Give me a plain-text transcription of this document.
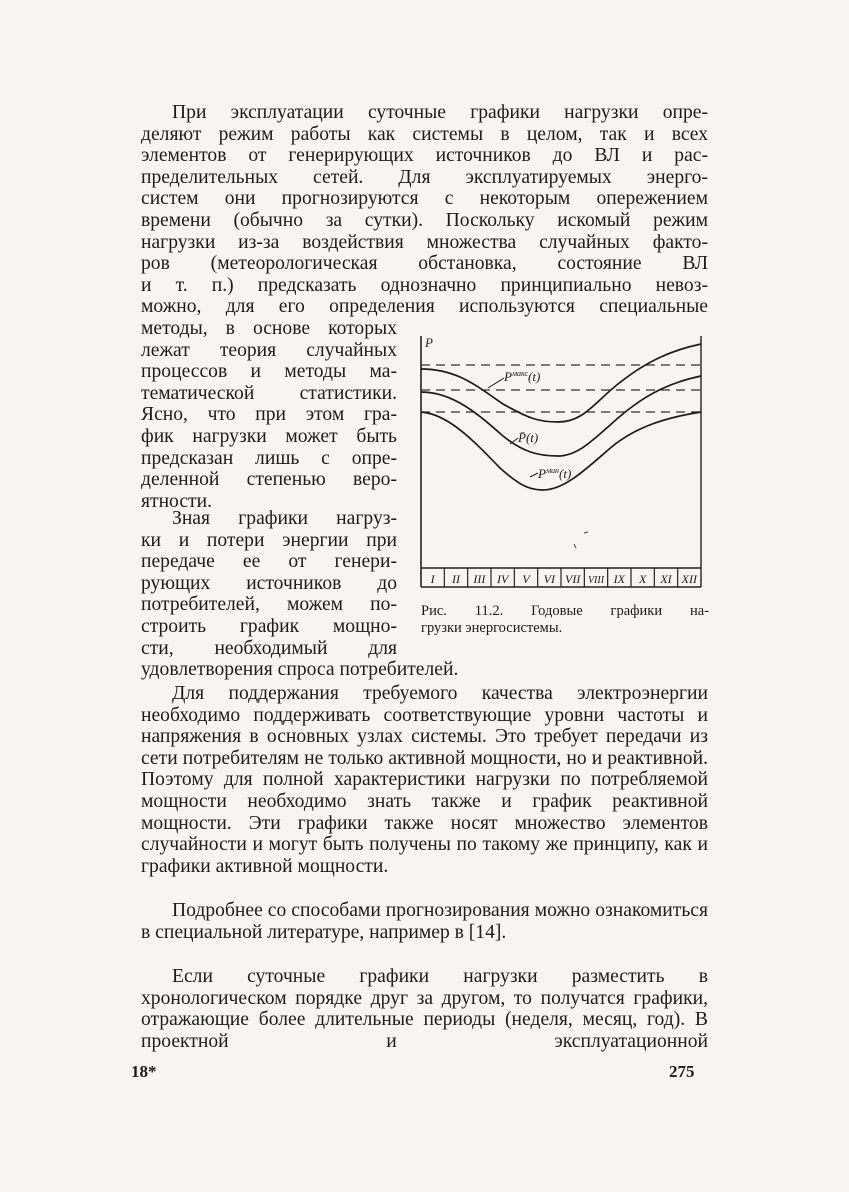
При эксплуатации суточные графики нагрузки опре-
деляют режим работы как системы в целом, так и всех
элементов от генерирующих источников до ВЛ и рас-
пределительных сетей. Для эксплуатируемых энерго-
систем они прогнозируются с некоторым опережением
времени (обычно за сутки). Поскольку искомый режим
нагрузки из-за воздействия множества случайных факто-
ров (метеорологическая обстановка, состояние ВЛ
и т. п.) предсказать однозначно принципиально невоз-
можно, для его определения используются специальные
методы, в основе которых
лежат теория случайных
процессов и методы ма-
тематической статистики.
Ясно, что при этом гра-
фик нагрузки может быть
предсказан лишь с опре-
деленной степенью веро-
ятности.
Зная графики нагруз-
ки и потери энергии при
передаче ее от генери-
рующих источников до
потребителей, можем по-
строить график мощно-
сти, необходимый для
удовлетворения спроса потребителей.
Для поддержания требуемого качества электроэнергии необходимо поддерживать соответствующие уровни частоты и напряжения в основных узлах системы. Это требует передачи из сети потребителям не только активной мощности, но и реактивной. Поэтому для полной характеристики нагрузки по потребляемой мощности необходимо знать также и график реактивной мощности. Эти графики также носят множество элементов случайности и могут быть получены по такому же принципу, как и графики активной мощности.
Подробнее со способами прогнозирования можно ознакомиться в специальной литературе, например в [14].
Если суточные графики нагрузки разместить в хронологическом порядке друг за другом, то получатся графики, отражающие более длительные периоды (неделя, месяц, год). В проектной и эксплуатационной
I II III IV V VI VII VIII IX X XI XII
P
$P^{макс}(t)$
P̄(t)
$P^{мин}(t)$
Рис. 11.2. Годовые графики на-
грузки энергосистемы.
18*	275
